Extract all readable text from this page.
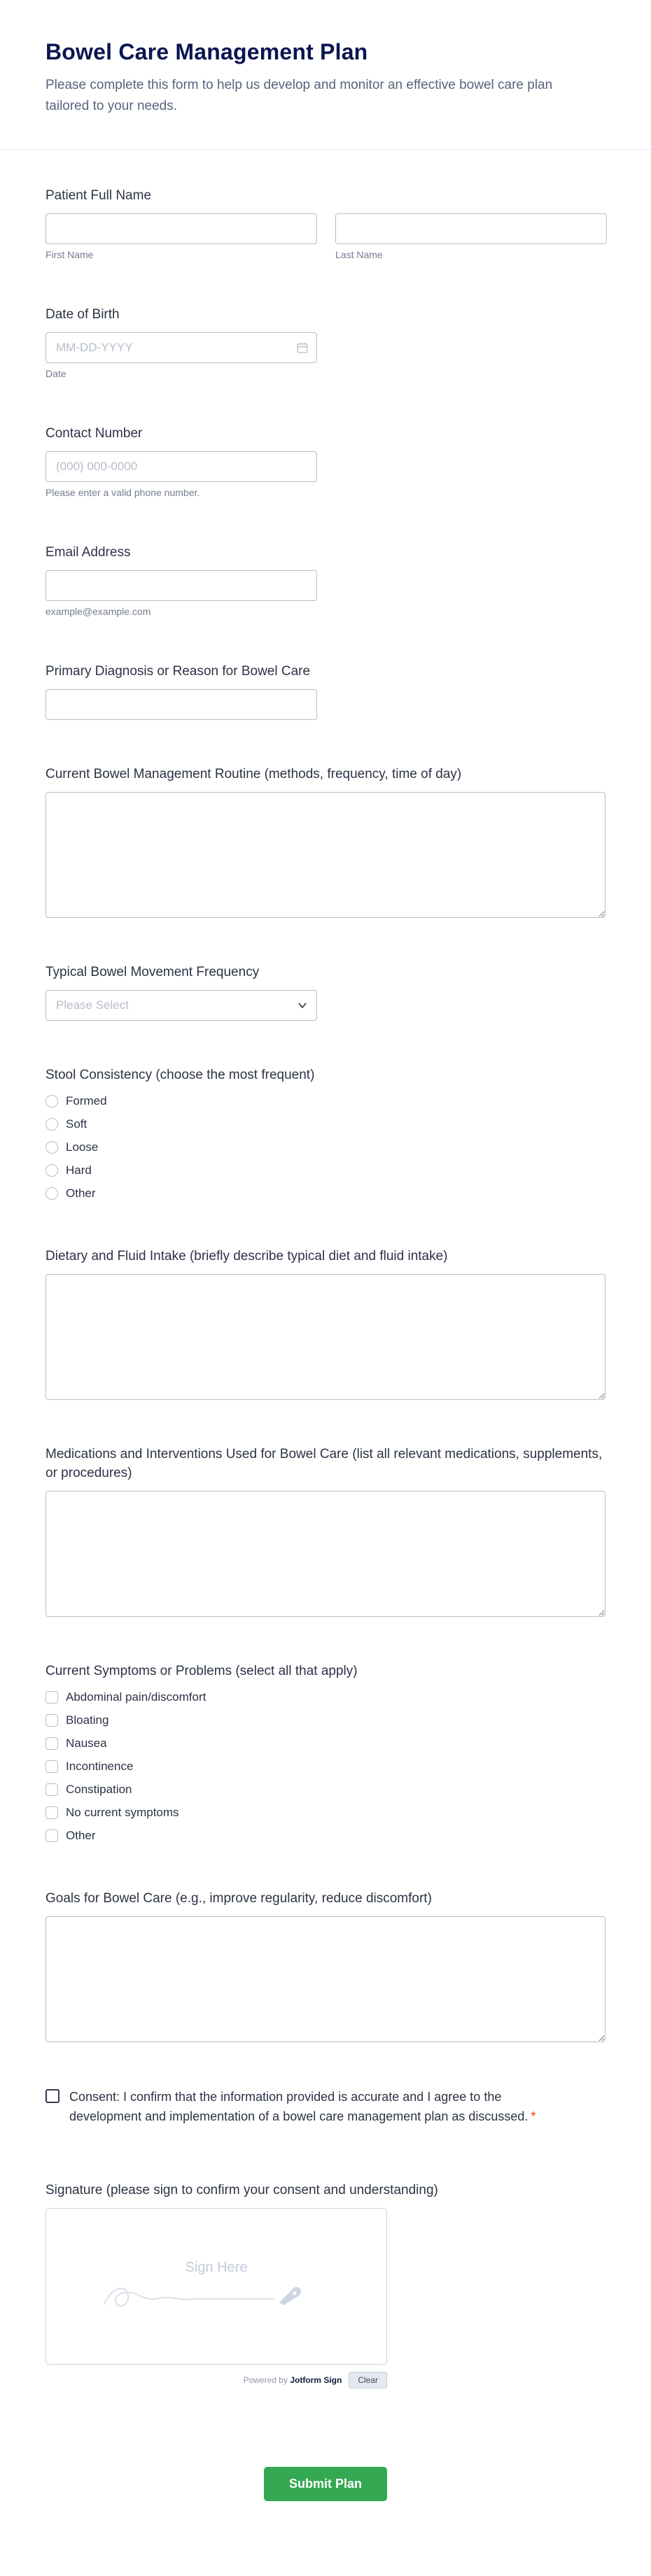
Bowel Care Management Plan

Please complete this form to help us develop and monitor an effective bowel care plan tailored to your needs.

Patient Full Name
First Name	Last Name
Date of Birth
MM-DD-YYYY
Date
Contact Number
(000) 000-0000
Please enter a valid phone number.
Email Address
example@example.com
Primary Diagnosis or Reason for Bowel Care
Current Bowel Management Routine (methods, frequency, time of day)
Typical Bowel Movement Frequency
Please Select
Stool Consistency (choose the most frequent)
Formed
Soft
Loose
Hard
Other
Dietary and Fluid Intake (briefly describe typical diet and fluid intake)
Medications and Interventions Used for Bowel Care (list all relevant medications, supplements, or procedures)
Current Symptoms or Problems (select all that apply)
Abdominal pain/discomfort
Bloating
Nausea
Incontinence
Constipation
No current symptoms
Other
Goals for Bowel Care (e.g., improve regularity, reduce discomfort)
Consent: I confirm that the information provided is accurate and I agree to the development and implementation of a bowel care management plan as discussed. *
Signature (please sign to confirm your consent and understanding)
Sign Here
Powered by Jotform Sign	Clear
Submit Plan
